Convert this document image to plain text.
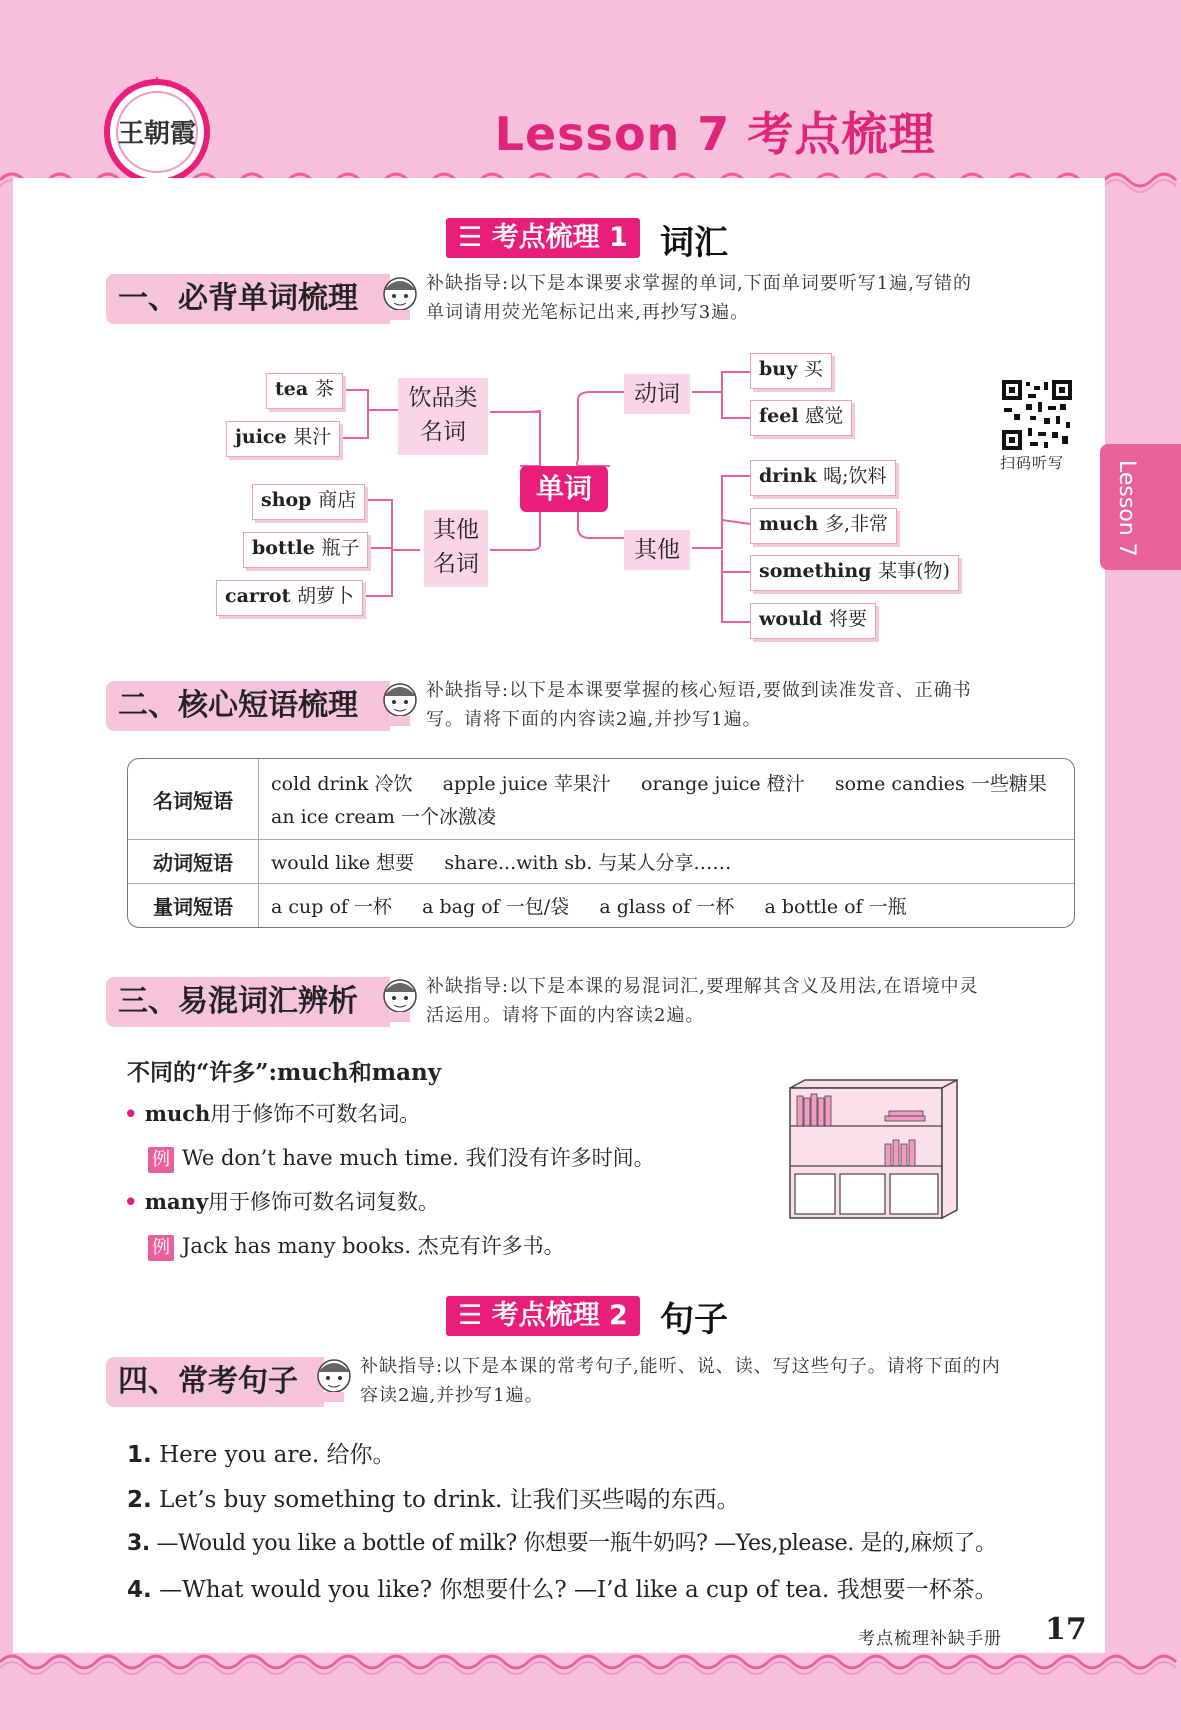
王朝霞	Lesson 7 考点梳理
Lesson 7
☰ 考点梳理 1 词汇
一、必背单词梳理	补缺指导:以下是本课要求掌握的单词,下面单词要听写1遍,写错的
单词请用荧光笔标记出来,再抄写3遍。
单词
饮品类
名词
其他
名词
动词
其他
tea 茶
juice 果汁
shop 商店
bottle 瓶子
carrot 胡萝卜
buy 买
feel 感觉
drink 喝;饮料
much 多,非常
something 某事(物)
would 将要
扫码听写
二、核心短语梳理	补缺指导:以下是本课要掌握的核心短语,要做到读准发音、正确书
写。请将下面的内容读2遍,并抄写1遍。
名词短语	cold drink 冷饮     apple juice 苹果汁     orange juice 橙汁     some candies 一些糖果
an ice cream 一个冰激凌

动词短语	would like 想要     share...with sb. 与某人分享……
量词短语	a cup of 一杯     a bag of 一包/袋     a glass of 一杯     a bottle of 一瓶
三、易混词汇辨析	补缺指导:以下是本课的易混词汇,要理解其含义及用法,在语境中灵
活运用。请将下面的内容读2遍。
不同的“许多”:much和many
• much用于修饰不可数名词。
例 We don’t have much time. 我们没有许多时间。
• many用于修饰可数名词复数。
例 Jack has many books. 杰克有许多书。
☰ 考点梳理 2 句子
四、常考句子	补缺指导:以下是本课的常考句子,能听、说、读、写这些句子。请将下面的内
容读2遍,并抄写1遍。
1. Here you are. 给你。
2. Let’s buy something to drink. 让我们买些喝的东西。
3. —Would you like a bottle of milk? 你想要一瓶牛奶吗? —Yes,please. 是的,麻烦了。
4. —What would you like? 你想要什么? —I’d like a cup of tea. 我想要一杯茶。
考点梳理补缺手册 17
